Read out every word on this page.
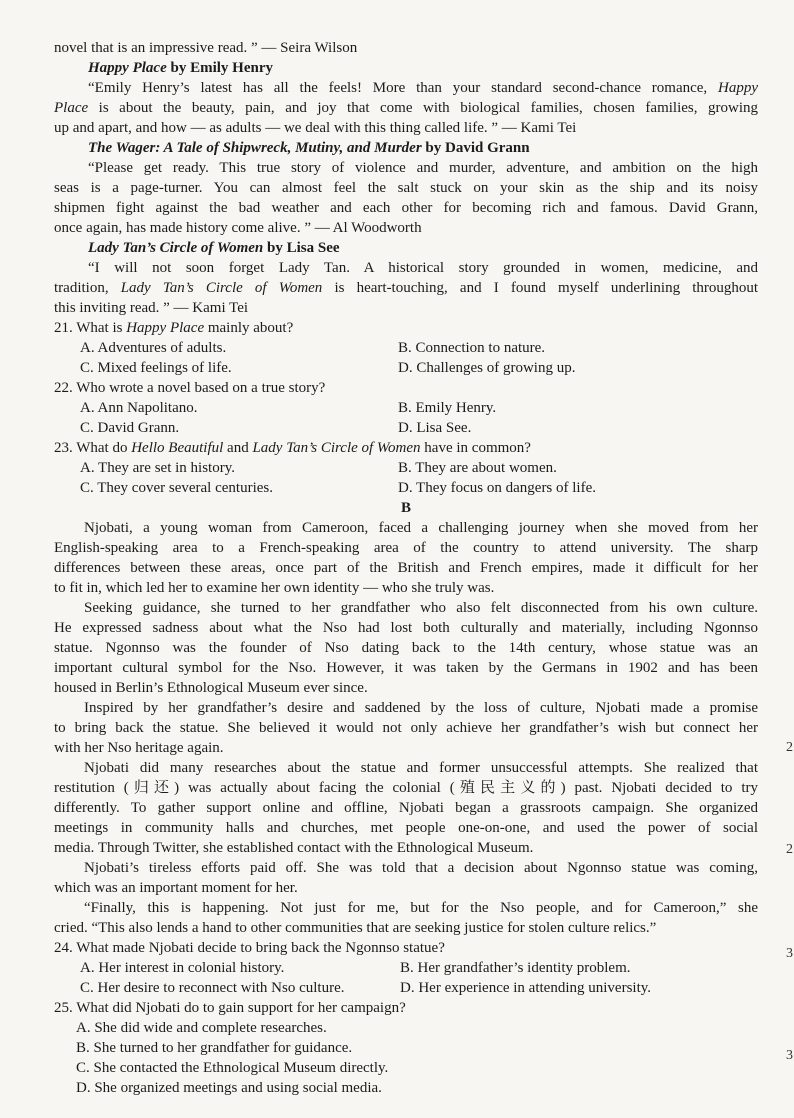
novel that is an impressive read. ” — Seira Wilson
Happy Place by Emily Henry
“Emily Henry’s latest has all the feels! More than your standard second-chance romance, Happy
Place is about the beauty, pain, and joy that come with biological families, chosen families, growing
up and apart, and how — as adults — we deal with this thing called life. ” — Kami Tei
The Wager: A Tale of Shipwreck, Mutiny, and Murder by David Grann
“Please get ready. This true story of violence and murder, adventure, and ambition on the high
seas is a page-turner. You can almost feel the salt stuck on your skin as the ship and its noisy
shipmen fight against the bad weather and each other for becoming rich and famous. David Grann,
once again, has made history come alive. ” — Al Woodworth
Lady Tan’s Circle of Women by Lisa See
“I will not soon forget Lady Tan. A historical story grounded in women, medicine, and
tradition, Lady Tan’s Circle of Women is heart-touching, and I found myself underlining throughout
this inviting read. ” — Kami Tei
21. What is Happy Place mainly about?
A. Adventures of adults.	B. Connection to nature.
C. Mixed feelings of life.	D. Challenges of growing up.
22. Who wrote a novel based on a true story?
A. Ann Napolitano.	B. Emily Henry.
C. David Grann.	D. Lisa See.
23. What do Hello Beautiful and Lady Tan’s Circle of Women have in common?
A. They are set in history.	B. They are about women.
C. They cover several centuries.	D. They focus on dangers of life.
B
Njobati, a young woman from Cameroon, faced a challenging journey when she moved from her
English-speaking area to a French-speaking area of the country to attend university. The sharp
differences between these areas, once part of the British and French empires, made it difficult for her
to fit in, which led her to examine her own identity — who she truly was.
Seeking guidance, she turned to her grandfather who also felt disconnected from his own culture.
He expressed sadness about what the Nso had lost both culturally and materially, including Ngonnso
statue. Ngonnso was the founder of Nso dating back to the 14th century, whose statue was an
important cultural symbol for the Nso. However, it was taken by the Germans in 1902 and has been
housed in Berlin’s Ethnological Museum ever since.
Inspired by her grandfather’s desire and saddened by the loss of culture, Njobati made a promise
to bring back the statue. She believed it would not only achieve her grandfather’s wish but connect her
with her Nso heritage again.
Njobati did many researches about the statue and former unsuccessful attempts. She realized that
restitution (归还) was actually about facing the colonial (殖民主义的) past. Njobati decided to try
differently. To gather support online and offline, Njobati began a grassroots campaign. She organized
meetings in community halls and churches, met people one-on-one, and used the power of social
media. Through Twitter, she established contact with the Ethnological Museum.
Njobati’s tireless efforts paid off. She was told that a decision about Ngonnso statue was coming,
which was an important moment for her.
“Finally, this is happening. Not just for me, but for the Nso people, and for Cameroon,” she
cried. “This also lends a hand to other communities that are seeking justice for stolen culture relics.”
24. What made Njobati decide to bring back the Ngonnso statue?
A. Her interest in colonial history.	B. Her grandfather’s identity problem.
C. Her desire to reconnect with Nso culture.	D. Her experience in attending university.
25. What did Njobati do to gain support for her campaign?
A. She did wide and complete researches.
B. She turned to her grandfather for guidance.
C. She contacted the Ethnological Museum directly.
D. She organized meetings and using social media.
2
2
3
3
